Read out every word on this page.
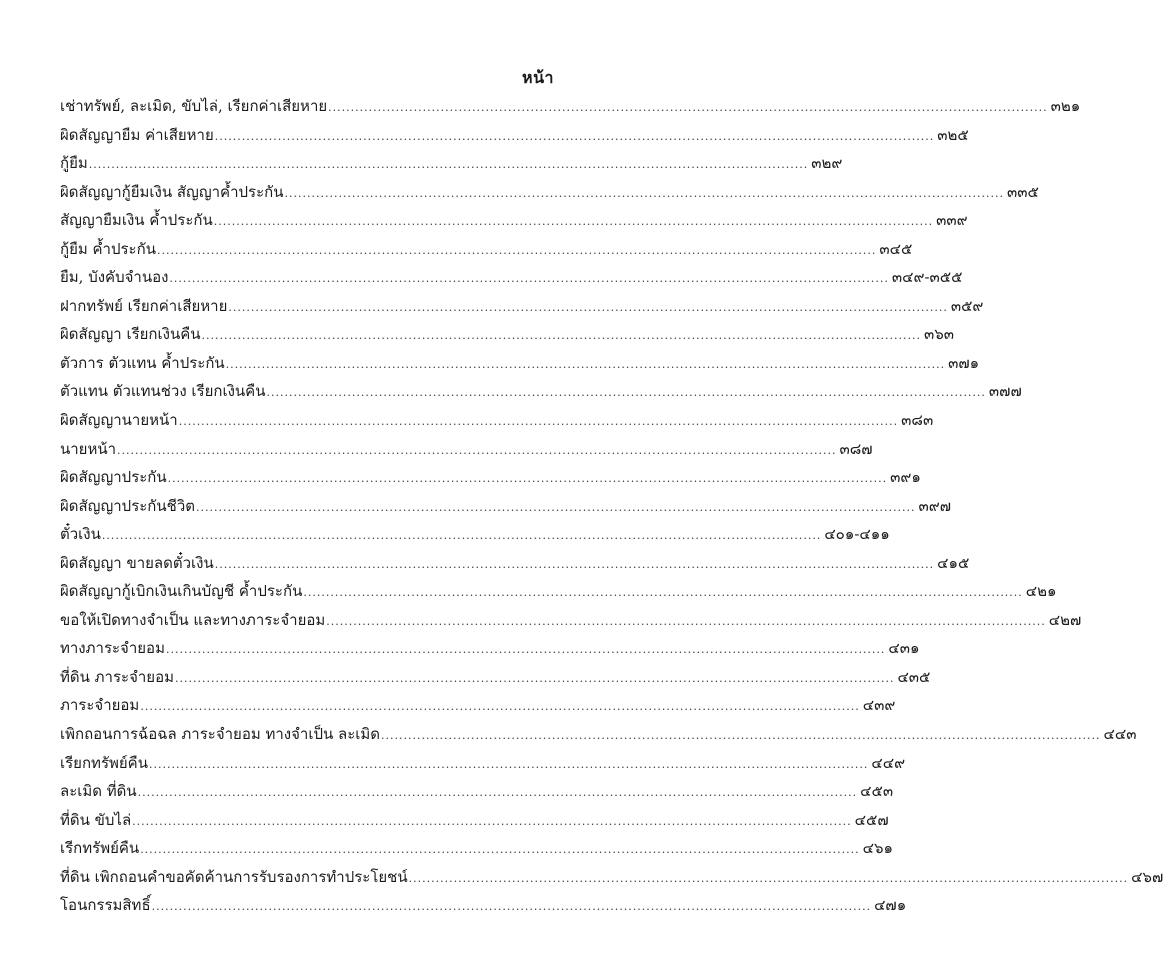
หน้า
เช่าทรัพย์, ละเมิด, ขับไล่, เรียกค่าเสียหาย .....	๓๒๑
ผิดสัญญายืม ค่าเสียหาย .....	๓๒๕
กู้ยืม .....	๓๒๙
ผิดสัญญากู้ยืมเงิน สัญญาค้ำประกัน .....	๓๓๕
สัญญายืมเงิน ค้ำประกัน .....	๓๓๙
กู้ยืม ค้ำประกัน .....	๓๔๕
ยืม, บังคับจำนอง .....	๓๔๙-๓๕๕
ฝากทรัพย์ เรียกค่าเสียหาย .....	๓๕๙
ผิดสัญญา เรียกเงินคืน .....	๓๖๓
ตัวการ ตัวแทน ค้ำประกัน .....	๓๗๑
ตัวแทน ตัวแทนช่วง เรียกเงินคืน .....	๓๗๗
ผิดสัญญานายหน้า .....	๓๘๓
นายหน้า .....	๓๘๗
ผิดสัญญาประกัน .....	๓๙๑
ผิดสัญญาประกันชีวิต .....	๓๙๗
ตั๋วเงิน .....	๔๐๑-๔๑๑
ผิดสัญญา ขายลดตั๋วเงิน .....	๔๑๕
ผิดสัญญากู้เบิกเงินเกินบัญชี ค้ำประกัน .....	๔๒๑
ขอให้เปิดทางจำเป็น และทางภาระจำยอม .....	๔๒๗
ทางภาระจำยอม .....	๔๓๑
ที่ดิน ภาระจำยอม .....	๔๓๕
ภาระจำยอม .....	๔๓๙
เพิกถอนการฉ้อฉล ภาระจำยอม ทางจำเป็น ละเมิด .....	๔๔๓
เรียกทรัพย์คืน .....	๔๔๙
ละเมิด ที่ดิน .....	๔๕๓
ที่ดิน ขับไล่ .....	๔๕๗
เรีกทรัพย์คืน .....	๔๖๑
ที่ดิน เพิกถอนคำขอคัดค้านการรับรองการทำประโยชน์ .....	๔๖๗
โอนกรรมสิทธิ์ .....	๔๗๑
